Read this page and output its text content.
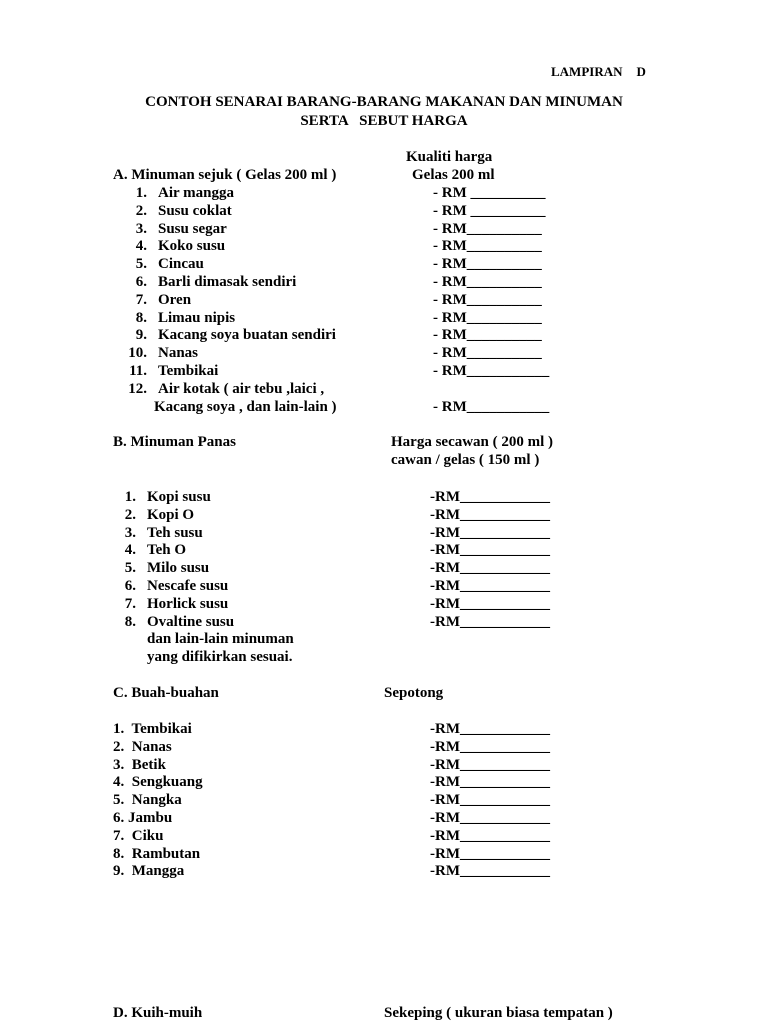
LAMPIRAN D
CONTOH SENARAI BARANG-BARANG MAKANAN DAN MINUMAN
SERTA   SEBUT HARGA
Kualiti harga
A. Minuman sejuk ( Gelas 200 ml )	Gelas 200 ml
1. Air mangga	- RM __________
2. Susu coklat	- RM __________
3. Susu segar	- RM__________
4. Koko susu	- RM__________
5. Cincau	- RM__________
6. Barli dimasak sendiri	- RM__________
7. Oren	- RM__________
8. Limau nipis	- RM__________
9. Kacang soya buatan sendiri	- RM__________
10. Nanas	- RM__________
11. Tembikai	- RM___________
12. Air kotak ( air tebu ,laici ,
Kacang soya , dan lain-lain )	- RM___________
B. Minuman Panas	Harga secawan ( 200 ml )
cawan / gelas ( 150 ml )
1. Kopi susu	-RM____________
2. Kopi O	-RM____________
3. Teh susu	-RM____________
4. Teh O	-RM____________
5. Milo susu	-RM____________
6. Nescafe susu	-RM____________
7. Horlick susu	-RM____________
8. Ovaltine susu	-RM____________
dan lain-lain minuman
yang difikirkan sesuai.
C. Buah-buahan	Sepotong
1.  Tembikai	-RM____________
2.  Nanas	-RM____________
3.  Betik	-RM____________
4.  Sengkuang	-RM____________
5.  Nangka	-RM____________
6. Jambu	-RM____________
7.  Ciku	-RM____________
8.  Rambutan	-RM____________
9.  Mangga	-RM____________
D. Kuih-muih	Sekeping ( ukuran biasa tempatan )
